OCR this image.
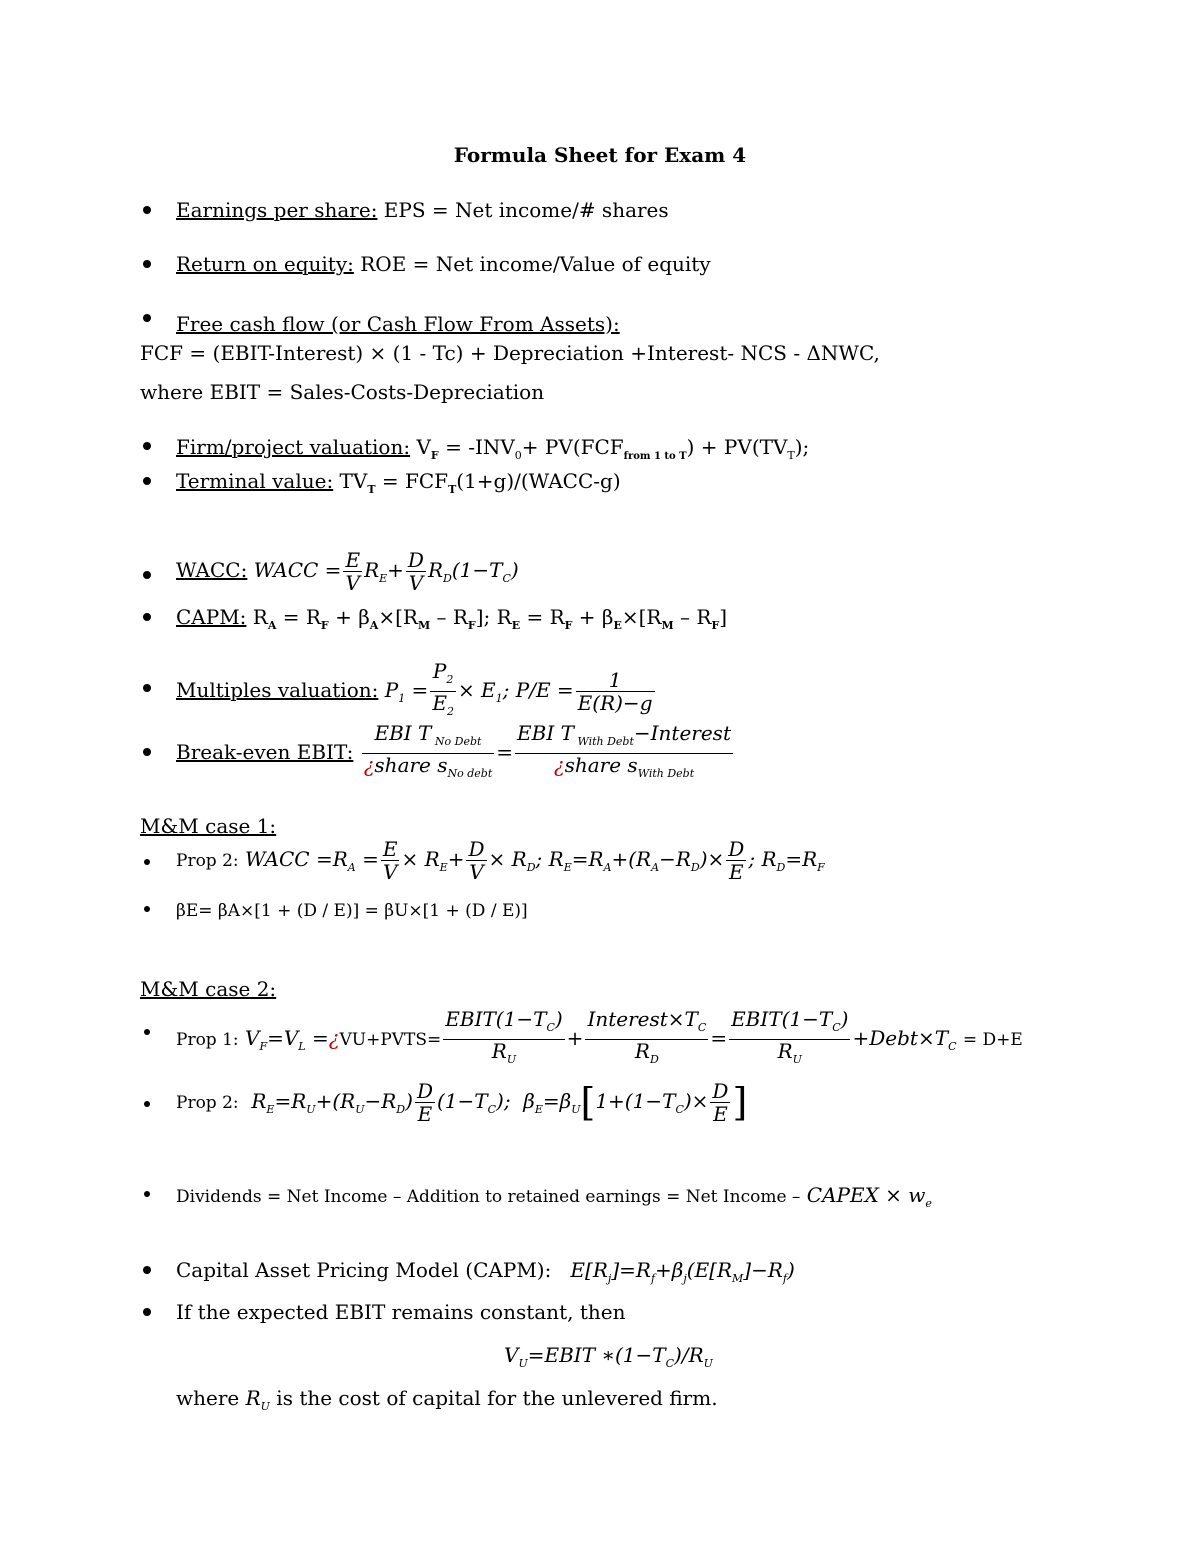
Formula Sheet for Exam 4
Earnings per share: EPS = Net income/# shares
Return on equity: ROE = Net income/Value of equity
Free cash flow (or Cash Flow From Assets):
FCF = (EBIT-Interest) × (1 - Tc) + Depreciation +Interest- NCS - ΔNWC,
where EBIT = Sales-Costs-Depreciation
Firm/project valuation: $V_F = -INV_0+ PV(FCF_{from 1 to T}) + PV(TV_T)$;
Terminal value: $TV_T$ = $FCF_T(1+g)/(WACC-g)$
WACC: WACC = $\frac{E}{V} R_E+ \frac{D}{V} R_D(1-T_C)$
CAPM: $R_A = R_F + \beta_A\times[R_M - R_F]$; $R_E = R_F + \beta_E\times[R_M - R_F]$
Multiples valuation: $P_1 = \frac{P_2}{E_2} \times E_1$; $P/E = \frac{1}{E(R)-g}$
Break-even EBIT: $\frac{EBI T _{No Debt}}{¿share s_{No debt}} = \frac{EBI T _{With Debt}-Interest}{¿share s_{With Debt}}$
M&M case 1:
Prop 2: WACC $=R_A = \frac{E}{V} \times R_E+ \frac{D}{V} \times R_D$; $R_E=R_A+(R_A-R_D)\times \frac{D}{E}$ ; $R_D=R_F$
βE= βA×[1 + (D / E)] = βU×[1 + (D / E)]
M&M case 2:
Prop 1: $V_F=V_L$ =¿VU+PVTS= $\frac{EBIT(1-T_C)}{R_U} + \frac{Interest\times T_C}{R_D} = \frac{EBIT(1-T_C)}{R_U}$ $+Debt\times T_C = D+E$
Prop 2:  $R_E=R_U+(R_U-R_D) \frac{D}{E} (1-T_C)$;  $\beta_E=\beta_U[1+(1-T_C)\times \frac{D}{E}$ ]
Dividends = Net Income – Addition to retained earnings = Net Income – CAPEX × $w_e$
Capital Asset Pricing Model (CAPM):   $E[R_j]=R_f+\beta_j(E[R_M]-R_f)$
If the expected EBIT remains constant, then
$V_U=EBIT$ $∗(1-T_C)/R_U$
where $R_U$ is the cost of capital for the unlevered firm.
